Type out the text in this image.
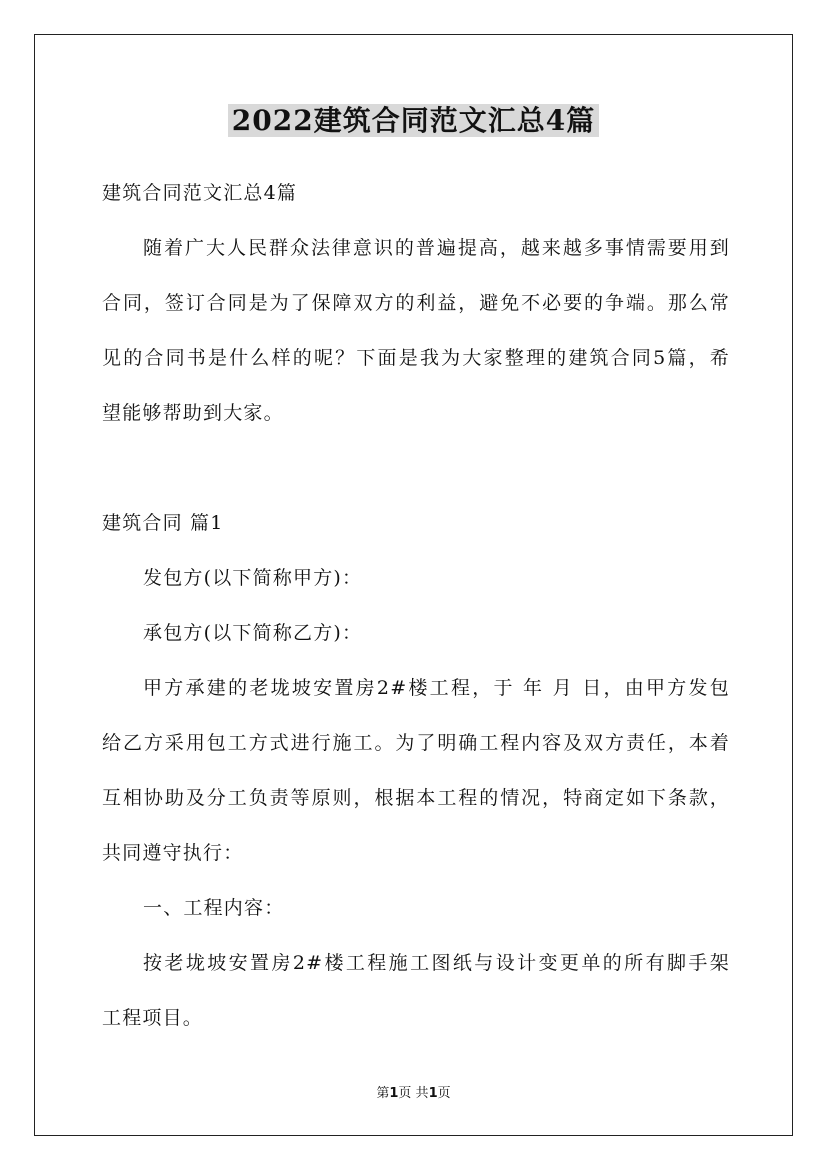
2022建筑合同范文汇总4篇
建筑合同范文汇总4篇
随着广大人民群众法律意识的普遍提高，越来越多事情需要用到
合同，签订合同是为了保障双方的利益，避免不必要的争端。那么常
见的合同书是什么样的呢？下面是我为大家整理的建筑合同5篇，希
望能够帮助到大家。
建筑合同 篇1
发包方(以下简称甲方)：
承包方(以下简称乙方)：
甲方承建的老垅坡安置房2#楼工程，于 年 月 日，由甲方发包
给乙方采用包工方式进行施工。为了明确工程内容及双方责任，本着
互相协助及分工负责等原则，根据本工程的情况，特商定如下条款，
共同遵守执行：
一、工程内容：
按老垅坡安置房2#楼工程施工图纸与设计变更单的所有脚手架
工程项目。
第1页 共1页
